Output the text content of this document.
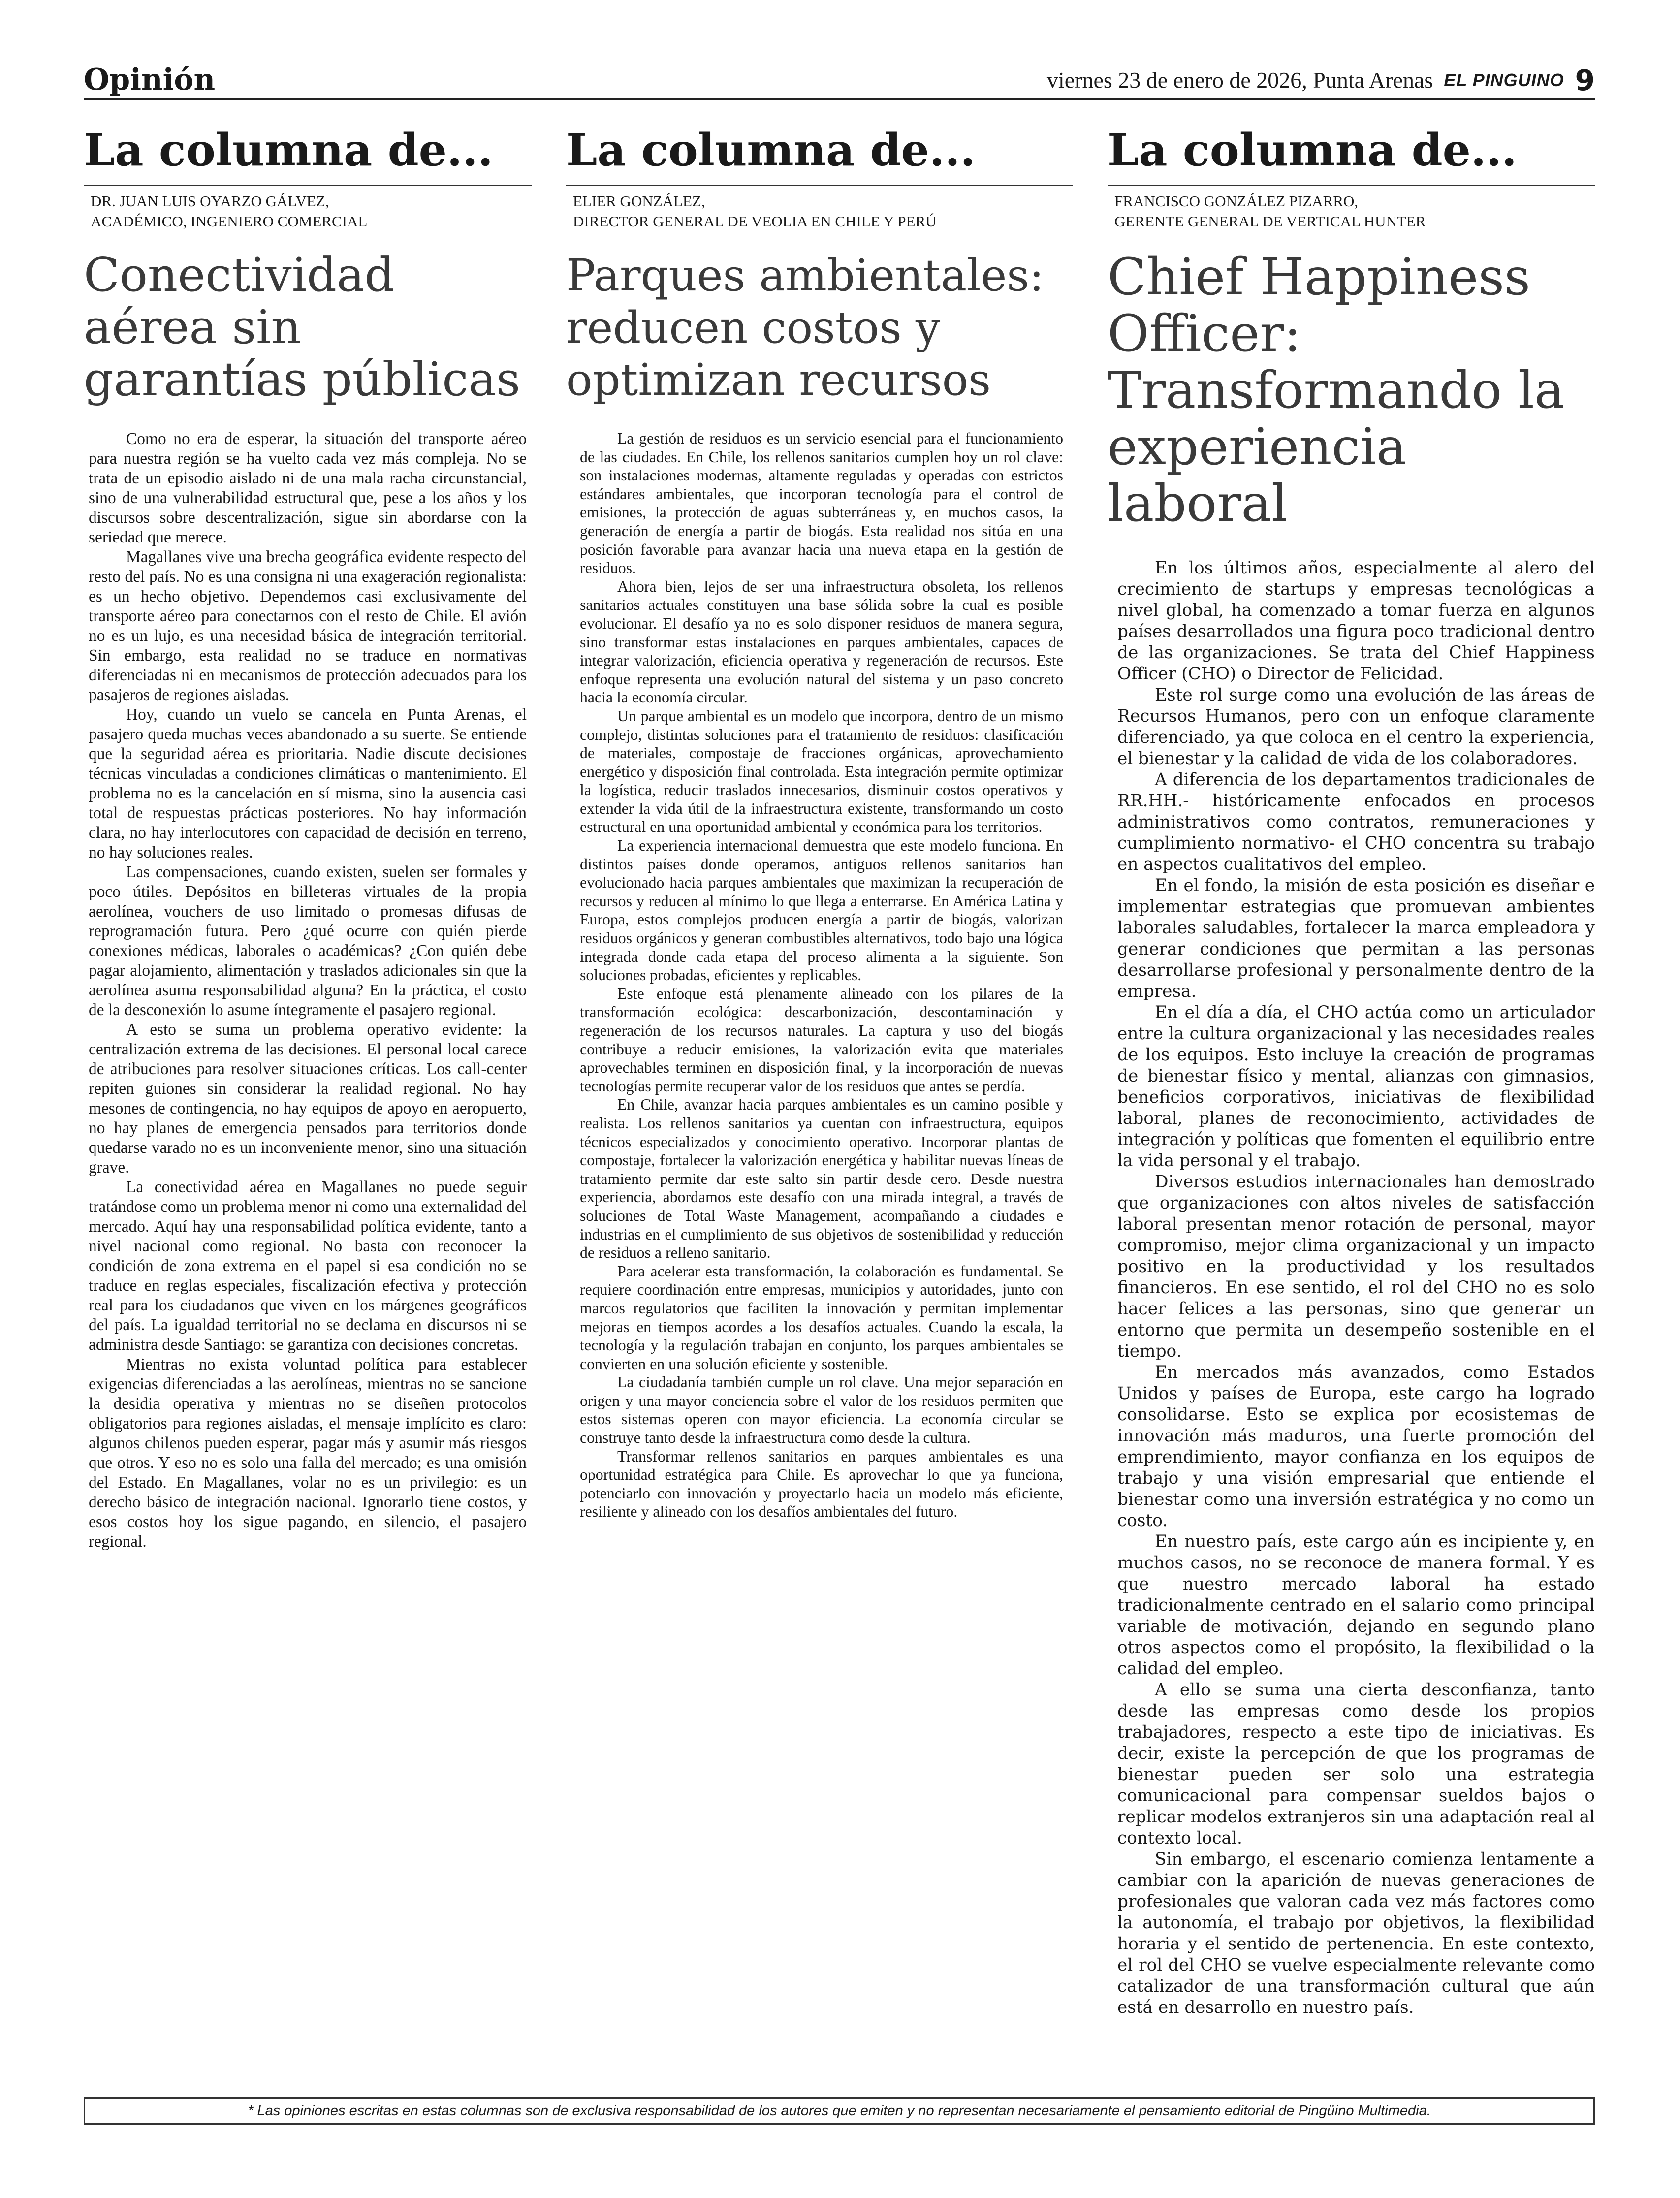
Opinión	viernes 23 de enero de 2026, Punta Arenas EL PINGUINO 9
La columna de...
DR. JUAN LUIS OYARZO GÁLVEZ,
ACADÉMICO, INGENIERO COMERCIAL
Conectividad aérea sin garantías públicas

Como no era de esperar, la situación del transporte aéreo para nuestra región se ha vuelto cada vez más compleja. No se trata de un episodio aislado ni de una mala racha circunstancial, sino de una vulnerabilidad estructural que, pese a los años y los discursos sobre descentralización, sigue sin abordarse con la seriedad que merece.

Magallanes vive una brecha geográfica evidente respecto del resto del país. No es una consigna ni una exageración regionalista: es un hecho objetivo. Dependemos casi exclusivamente del transporte aéreo para conectarnos con el resto de Chile. El avión no es un lujo, es una necesidad básica de integración territorial. Sin embargo, esta realidad no se traduce en normativas diferenciadas ni en mecanismos de protección adecuados para los pasajeros de regiones aisladas.

Hoy, cuando un vuelo se cancela en Punta Arenas, el pasajero queda muchas veces abandonado a su suerte. Se entiende que la seguridad aérea es prioritaria. Nadie discute decisiones técnicas vinculadas a condiciones climáticas o mantenimiento. El problema no es la cancelación en sí misma, sino la ausencia casi total de respuestas prácticas posteriores. No hay información clara, no hay interlocutores con capacidad de decisión en terreno, no hay soluciones reales.

Las compensaciones, cuando existen, suelen ser formales y poco útiles. Depósitos en billeteras virtuales de la propia aerolínea, vouchers de uso limitado o promesas difusas de reprogramación futura. Pero ¿qué ocurre con quién pierde conexiones médicas, laborales o académicas? ¿Con quién debe pagar alojamiento, alimentación y traslados adicionales sin que la aerolínea asuma responsabilidad alguna? En la práctica, el costo de la desconexión lo asume íntegramente el pasajero regional.

A esto se suma un problema operativo evidente: la centralización extrema de las decisiones. El personal local carece de atribuciones para resolver situaciones críticas. Los call-center repiten guiones sin considerar la realidad regional. No hay mesones de contingencia, no hay equipos de apoyo en aeropuerto, no hay planes de emergencia pensados para territorios donde quedarse varado no es un inconveniente menor, sino una situación grave.

La conectividad aérea en Magallanes no puede seguir tratándose como un problema menor ni como una externalidad del mercado. Aquí hay una responsabilidad política evidente, tanto a nivel nacional como regional. No basta con reconocer la condición de zona extrema en el papel si esa condición no se traduce en reglas especiales, fiscalización efectiva y protección real para los ciudadanos que viven en los márgenes geográficos del país. La igualdad territorial no se declama en discursos ni se administra desde Santiago: se garantiza con decisiones concretas.

Mientras no exista voluntad política para establecer exigencias diferenciadas a las aerolíneas, mientras no se sancione la desidia operativa y mientras no se diseñen protocolos obligatorios para regiones aisladas, el mensaje implícito es claro: algunos chilenos pueden esperar, pagar más y asumir más riesgos que otros. Y eso no es solo una falla del mercado; es una omisión del Estado. En Magallanes, volar no es un privilegio: es un derecho básico de integración nacional. Ignorarlo tiene costos, y esos costos hoy los sigue pagando, en silencio, el pasajero regional.

La columna de...
ELIER GONZÁLEZ,
DIRECTOR GENERAL DE VEOLIA EN CHILE Y PERÚ
Parques ambientales: reducen costos y optimizan recursos

La gestión de residuos es un servicio esencial para el funcionamiento de las ciudades. En Chile, los rellenos sanitarios cumplen hoy un rol clave: son instalaciones modernas, altamente reguladas y operadas con estrictos estándares ambientales, que incorporan tecnología para el control de emisiones, la protección de aguas subterráneas y, en muchos casos, la generación de energía a partir de biogás. Esta realidad nos sitúa en una posición favorable para avanzar hacia una nueva etapa en la gestión de residuos.

Ahora bien, lejos de ser una infraestructura obsoleta, los rellenos sanitarios actuales constituyen una base sólida sobre la cual es posible evolucionar. El desafío ya no es solo disponer residuos de manera segura, sino transformar estas instalaciones en parques ambientales, capaces de integrar valorización, eficiencia operativa y regeneración de recursos. Este enfoque representa una evolución natural del sistema y un paso concreto hacia la economía circular.

Un parque ambiental es un modelo que incorpora, dentro de un mismo complejo, distintas soluciones para el tratamiento de residuos: clasificación de materiales, compostaje de fracciones orgánicas, aprovechamiento energético y disposición final controlada. Esta integración permite optimizar la logística, reducir traslados innecesarios, disminuir costos operativos y extender la vida útil de la infraestructura existente, transformando un costo estructural en una oportunidad ambiental y económica para los territorios.

La experiencia internacional demuestra que este modelo funciona. En distintos países donde operamos, antiguos rellenos sanitarios han evolucionado hacia parques ambientales que maximizan la recuperación de recursos y reducen al mínimo lo que llega a enterrarse. En América Latina y Europa, estos complejos producen energía a partir de biogás, valorizan residuos orgánicos y generan combustibles alternativos, todo bajo una lógica integrada donde cada etapa del proceso alimenta a la siguiente. Son soluciones probadas, eficientes y replicables.

Este enfoque está plenamente alineado con los pilares de la transformación ecológica: descarbonización, descontaminación y regeneración de los recursos naturales. La captura y uso del biogás contribuye a reducir emisiones, la valorización evita que materiales aprovechables terminen en disposición final, y la incorporación de nuevas tecnologías permite recuperar valor de los residuos que antes se perdía.

En Chile, avanzar hacia parques ambientales es un camino posible y realista. Los rellenos sanitarios ya cuentan con infraestructura, equipos técnicos especializados y conocimiento operativo. Incorporar plantas de compostaje, fortalecer la valorización energética y habilitar nuevas líneas de tratamiento permite dar este salto sin partir desde cero. Desde nuestra experiencia, abordamos este desafío con una mirada integral, a través de soluciones de Total Waste Management, acompañando a ciudades e industrias en el cumplimiento de sus objetivos de sostenibilidad y reducción de residuos a relleno sanitario.

Para acelerar esta transformación, la colaboración es fundamental. Se requiere coordinación entre empresas, municipios y autoridades, junto con marcos regulatorios que faciliten la innovación y permitan implementar mejoras en tiempos acordes a los desafíos actuales. Cuando la escala, la tecnología y la regulación trabajan en conjunto, los parques ambientales se convierten en una solución eficiente y sostenible.

La ciudadanía también cumple un rol clave. Una mejor separación en origen y una mayor conciencia sobre el valor de los residuos permiten que estos sistemas operen con mayor eficiencia. La economía circular se construye tanto desde la infraestructura como desde la cultura.

Transformar rellenos sanitarios en parques ambientales es una oportunidad estratégica para Chile. Es aprovechar lo que ya funciona, potenciarlo con innovación y proyectarlo hacia un modelo más eficiente, resiliente y alineado con los desafíos ambientales del futuro.

La columna de...
FRANCISCO GONZÁLEZ PIZARRO,
GERENTE GENERAL DE VERTICAL HUNTER
Chief Happiness Officer: Transformando la experiencia laboral

En los últimos años, especialmente al alero del crecimiento de startups y empresas tecnológicas a nivel global, ha comenzado a tomar fuerza en algunos países desarrollados una figura poco tradicional dentro de las organizaciones. Se trata del Chief Happiness Officer (CHO) o Director de Felicidad.

Este rol surge como una evolución de las áreas de Recursos Humanos, pero con un enfoque claramente diferenciado, ya que coloca en el centro la experiencia, el bienestar y la calidad de vida de los colaboradores.

A diferencia de los departamentos tradicionales de RR.HH.- históricamente enfocados en procesos administrativos como contratos, remuneraciones y cumplimiento normativo- el CHO concentra su trabajo en aspectos cualitativos del empleo.

En el fondo, la misión de esta posición es diseñar e implementar estrategias que promuevan ambientes laborales saludables, fortalecer la marca empleadora y generar condiciones que permitan a las personas desarrollarse profesional y personalmente dentro de la empresa.

En el día a día, el CHO actúa como un articulador entre la cultura organizacional y las necesidades reales de los equipos. Esto incluye la creación de programas de bienestar físico y mental, alianzas con gimnasios, beneficios corporativos, iniciativas de flexibilidad laboral, planes de reconocimiento, actividades de integración y políticas que fomenten el equilibrio entre la vida personal y el trabajo.

Diversos estudios internacionales han demostrado que organizaciones con altos niveles de satisfacción laboral presentan menor rotación de personal, mayor compromiso, mejor clima organizacional y un impacto positivo en la productividad y los resultados financieros. En ese sentido, el rol del CHO no es solo hacer felices a las personas, sino que generar un entorno que permita un desempeño sostenible en el tiempo.

En mercados más avanzados, como Estados Unidos y países de Europa, este cargo ha logrado consolidarse. Esto se explica por ecosistemas de innovación más maduros, una fuerte promoción del emprendimiento, mayor confianza en los equipos de trabajo y una visión empresarial que entiende el bienestar como una inversión estratégica y no como un costo.

En nuestro país, este cargo aún es incipiente y, en muchos casos, no se reconoce de manera formal. Y es que nuestro mercado laboral ha estado tradicionalmente centrado en el salario como principal variable de motivación, dejando en segundo plano otros aspectos como el propósito, la flexibilidad o la calidad del empleo.

A ello se suma una cierta desconfianza, tanto desde las empresas como desde los propios trabajadores, respecto a este tipo de iniciativas. Es decir, existe la percepción de que los programas de bienestar pueden ser solo una estrategia comunicacional para compensar sueldos bajos o replicar modelos extranjeros sin una adaptación real al contexto local.

Sin embargo, el escenario comienza lentamente a cambiar con la aparición de nuevas generaciones de profesionales que valoran cada vez más factores como la autonomía, el trabajo por objetivos, la flexibilidad horaria y el sentido de pertenencia. En este contexto, el rol del CHO se vuelve especialmente relevante como catalizador de una transformación cultural que aún está en desarrollo en nuestro país.

* Las opiniones escritas en estas columnas son de exclusiva responsabilidad de los autores que emiten y no representan necesariamente el pensamiento editorial de Pingüino Multimedia.
